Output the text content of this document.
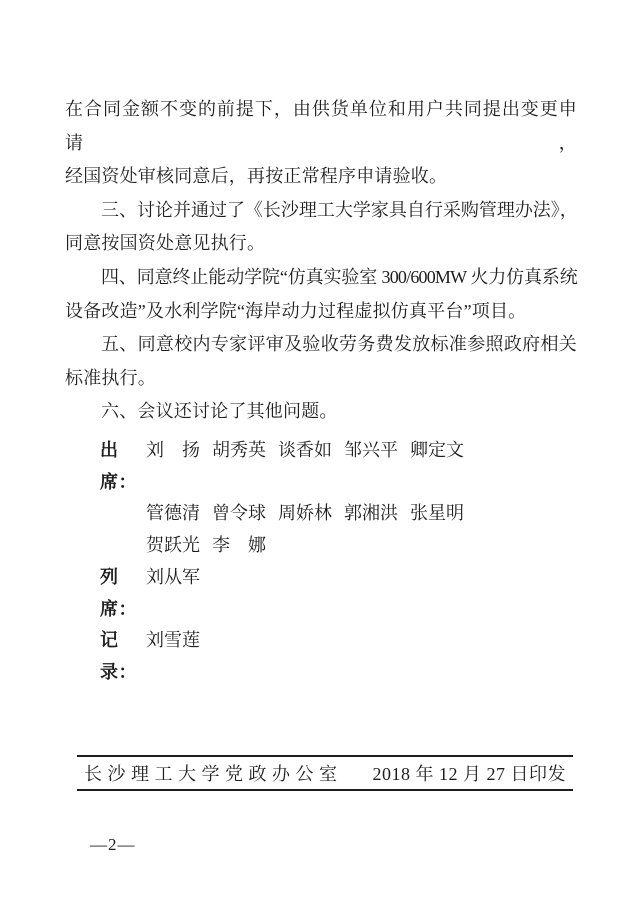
在合同金额不变的前提下，由供货单位和用户共同提出变更申请，
经国资处审核同意后，再按正常程序申请验收。
三、讨论并通过了《长沙理工大学家具自行采购管理办法》，
同意按国资处意见执行。
四、同意终止能动学院“仿真实验室 300/600MW 火力仿真系统
设备改造”及水利学院“海岸动力过程虚拟仿真平台”项目。
五、同意校内专家评审及验收劳务费发放标准参照政府相关
标准执行。
六、会议还讨论了其他问题。
出席：
刘　扬 胡秀英 谈香如 邹兴平 卿定文
管德清 曾令球 周娇林 郭湘洪 张星明
贺跃光 李　娜
列席：
刘从军
记录：
刘雪莲
长沙理工大学党政办公室 2018 年 12 月 27 日印发
—2—
